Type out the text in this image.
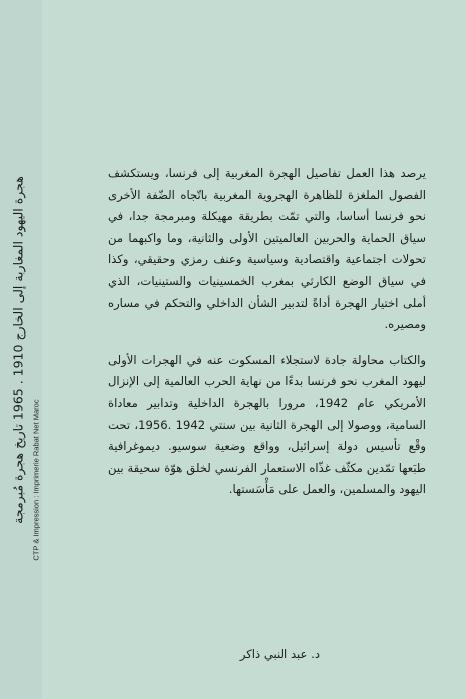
هجرة اليهود المغاربة إلى الخارج 1910 . 1965 تاريخ هجرة مُبرمجة
CTP & Impression : Imprimerie Rabat Net Maroc

يرصد هذا العمل تفاصيل الهجرة المغربية إلى فرنسا، ويستكشف الفصول الملغزة للظاهرة الهجروية المغربية باتّجاه الضّفة الأخرى نحو فرنسا أساسا، والتي تمّت بطريقة مهيكلة ومبرمجة جدا، في سياق الحماية والحربين العالميتين الأولى والثانية، وما واكبهما من تحولات اجتماعية واقتصادية وسياسية وعنف رمزي وحقيقي، وكذا في سياق الوضع الكارثي بمغرب الخمسينيات والستينيات، الذي أملى اختيار الهجرة أداةً لتدبير الشأن الداخلي والتحكم في مساره ومصيره.

والكتاب محاولة جادة لاستجلاء المسكوت عنه في الهجرات الأولى ليهود المغرب نحو فرنسا بدءًا من نهاية الحرب العالمية إلى الإنزال الأمريكي عام 1942، مرورا بالهجرة الداخلية وتدابير معاداة السامية، ووصولا إلى الهجرة الثانية بين سنتي 1942 .1956، تحت وقْع تأسيس دولة إسرائيل، وواقع وضعية سوسيو. ديموغرافية طبَعها تمّدين مكثّف غذّاه الاستعمار الفرنسي لخلق هوّة سحيقة بين اليهود والمسلمين، والعمل على مَأْسَستها.

د. عبد النبي ذاكر
